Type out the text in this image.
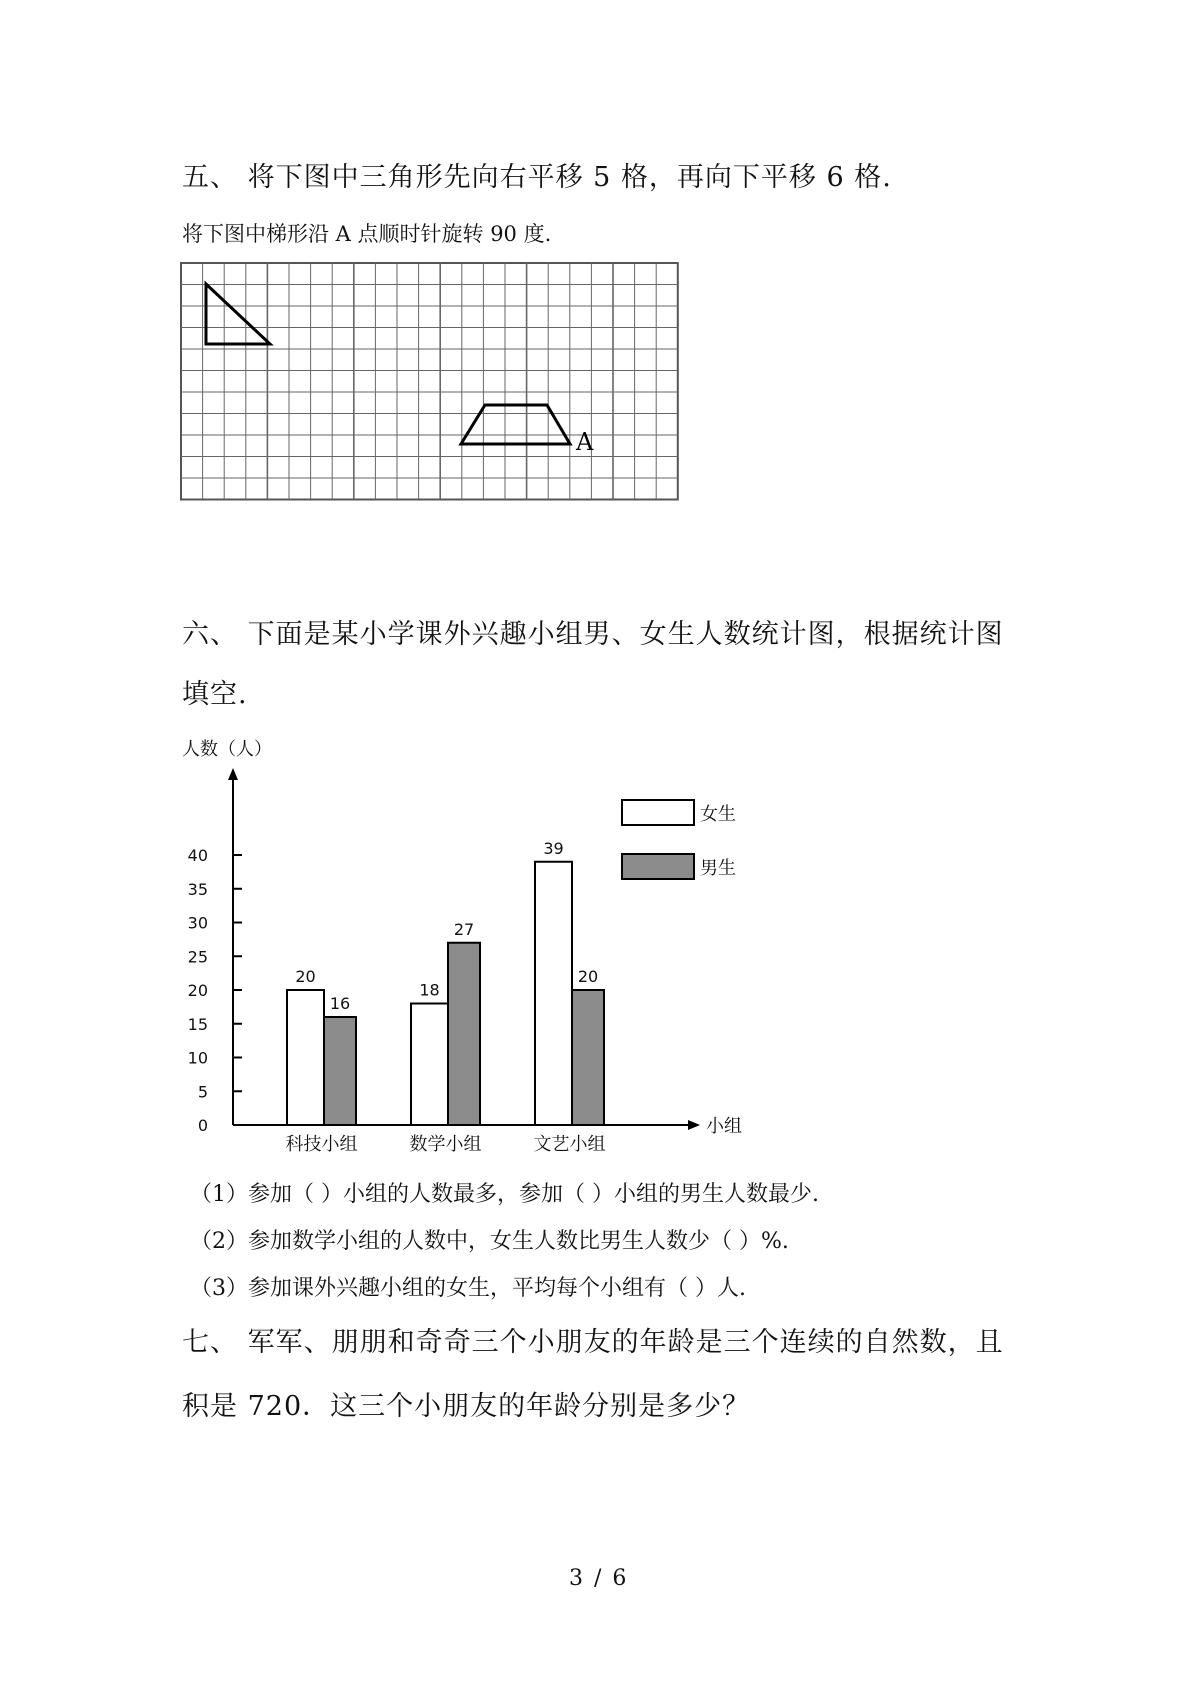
五、 将下图中三角形先向右平移 5 格，再向下平移 6 格.
将下图中梯形沿 A 点顺时针旋转 90 度.
A
六、 下面是某小学课外兴趣小组男、女生人数统计图，根据统计图
填空.
人数（人）
小组
0
5
10
15
20
25
30
35
40
20
16
科技小组
18
27
数学小组
39
20
文艺小组
女生
男生
（1）参加（ ）小组的人数最多，参加（ ）小组的男生人数最少.
（2）参加数学小组的人数中，女生人数比男生人数少（ ）%.
（3）参加课外兴趣小组的女生，平均每个小组有（ ）人.
七、 军军、朋朋和奇奇三个小朋友的年龄是三个连续的自然数，且
积是 720．这三个小朋友的年龄分别是多少？
3 / 6
